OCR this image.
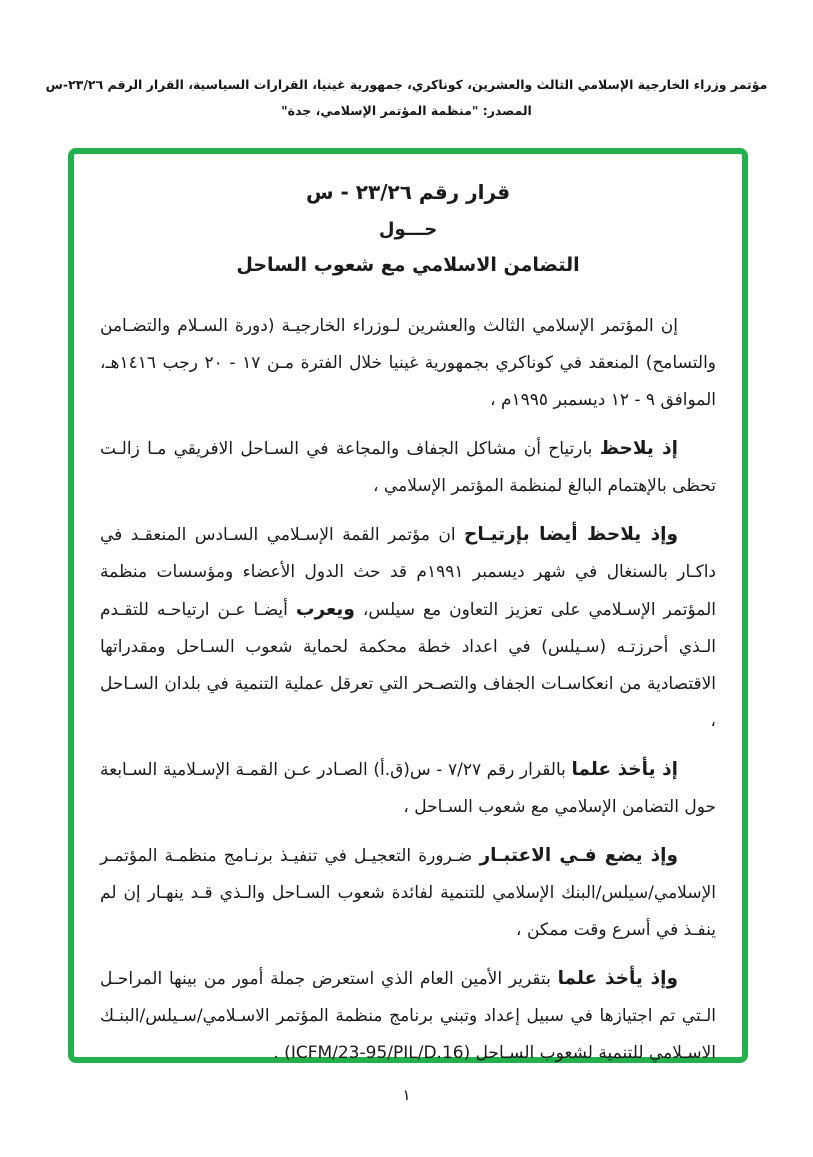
مؤتمر وزراء الخارجية الإسلامي الثالث والعشرين، كوناكري، جمهورية غينيا، القرارات السياسية، القرار الرقم ٢٣/٢٦-س
المصدر: "منظمة المؤتمر الإسلامي، جدة"
قرار رقم ٢٣/٢٦ - س
حـــول
التضامن الاسلامي مع شعوب الساحل

إن المؤتمر الإسلامي الثالث والعشرين لـوزراء الخارجيـة (دورة السـلام والتضـامن والتسامح) المنعقد في كوناكري بجمهورية غينيا خلال الفترة مـن ١٧ - ٢٠ رجب ١٤١٦هـ، الموافق ٩ - ١٢ ديسمبر ١٩٩٥م ،

إذ يلاحظ بارتياح أن مشاكل الجفاف والمجاعة في السـاحل الافريقي مـا زالـت تحظى بالإهتمام البالغ لمنظمة المؤتمر الإسلامي ،

وإذ يلاحظ أيضا بإرتيـاح ان مؤتمر القمة الإسـلامي السـادس المنعقـد في داكـار بالسنغال في شهر ديسمبر ١٩٩١م قد حث الدول الأعضاء ومؤسسات منظمة المؤتمر الإسـلامي على تعزيز التعاون مع سيلس، ويعرب أيضـا عـن ارتياحـه للتقـدم الـذي أحرزتـه (سـيلس) في اعداد خطة محكمة لحماية شعوب السـاحل ومقدراتها الاقتصادية من انعكاسـات الجفاف والتصـحر التي تعرقل عملية التنمية في بلدان السـاحل ،

إذ يأخذ علما بالقرار رقم ٧/٢٧ - س(ق.أ) الصـادر عـن القمـة الإسـلامية السـابعة حول التضامن الإسلامي مع شعوب السـاحل ،

وإذ يضع فـي الاعتبـار ضـرورة التعجيـل في تنفيـذ برنـامج منظمـة المؤتمـر الإسلامي/سيلس/البنك الإسلامي للتنمية لفائدة شعوب السـاحل والـذي قـد ينهـار إن لم ينفـذ في أسرع وقت ممكن ،

وإذ يأخذ علما بتقرير الأمين العام الذي استعرض جملة أمور من بينها المراحـل الـتي تم اجتيازها في سبيل إعداد وتبني برنامج منظمة المؤتمر الاسـلامي/سـيلس/البنـك الاسـلامي للتنمية لشعوب السـاحل (ICFM/23-95/PIL/D.16) .

١
